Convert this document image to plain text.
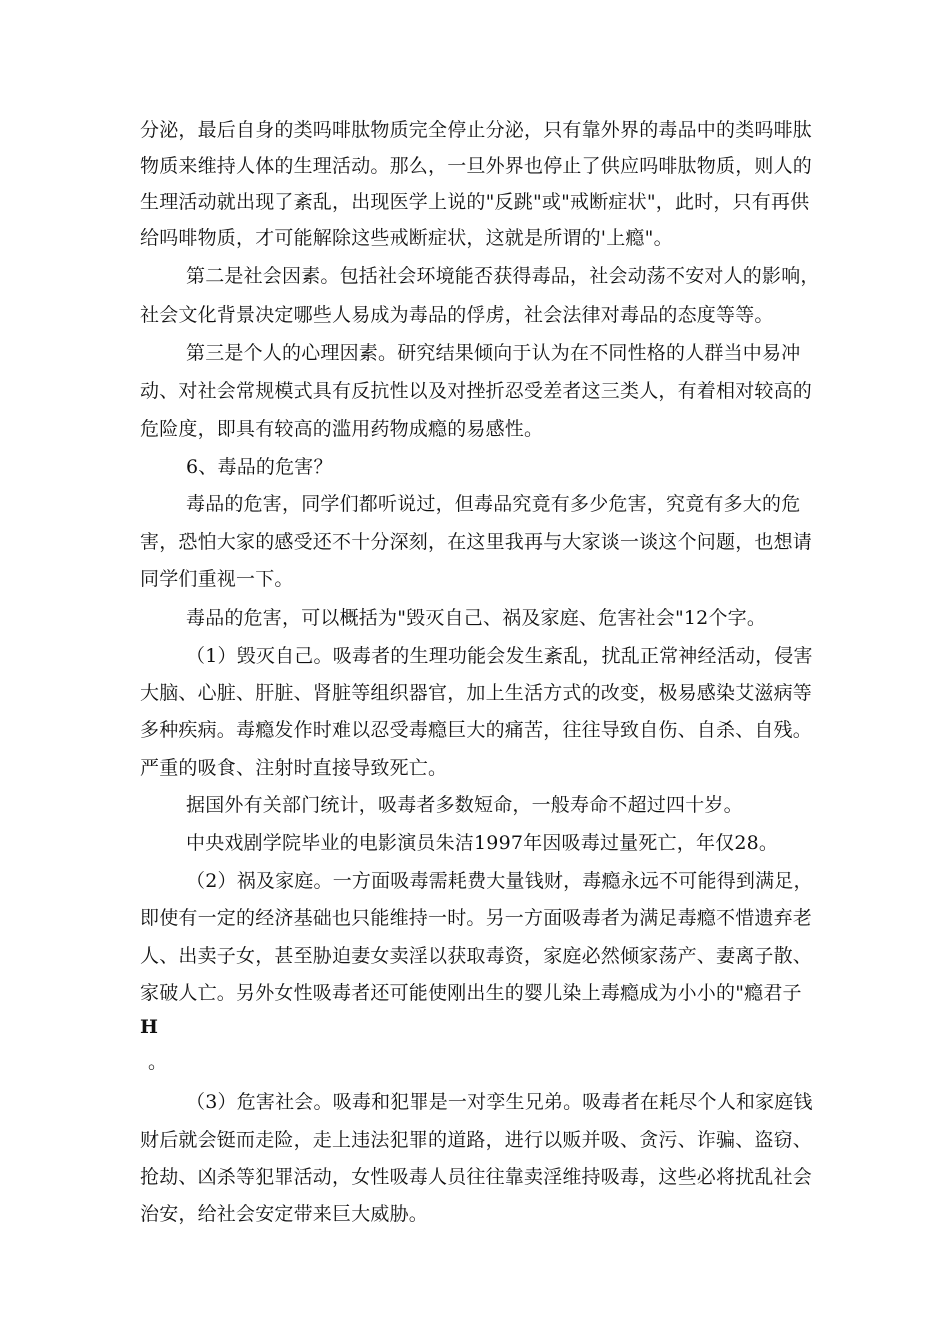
分泌，最后自身的类吗啡肽物质完全停止分泌，只有靠外界的毒品中的类吗啡肽
物质来维持人体的生理活动。那么，一旦外界也停止了供应吗啡肽物质，则人的
生理活动就出现了紊乱，出现医学上说的"反跳"或"戒断症状"，此时，只有再供
给吗啡物质，才可能解除这些戒断症状，这就是所谓的'上瘾"。
第二是社会因素。包括社会环境能否获得毒品，社会动荡不安对人的影响，
社会文化背景决定哪些人易成为毒品的俘虏，社会法律对毒品的态度等等。
第三是个人的心理因素。研究结果倾向于认为在不同性格的人群当中易冲
动、对社会常规模式具有反抗性以及对挫折忍受差者这三类人，有着相对较高的
危险度，即具有较高的滥用药物成瘾的易感性。
6、毒品的危害？
毒品的危害，同学们都听说过，但毒品究竟有多少危害，究竟有多大的危
害，恐怕大家的感受还不十分深刻，在这里我再与大家谈一谈这个问题，也想请
同学们重视一下。
毒品的危害，可以概括为"毁灭自己、祸及家庭、危害社会"12个字。
（1）毁灭自己。吸毒者的生理功能会发生紊乱，扰乱正常神经活动，侵害
大脑、心脏、肝脏、肾脏等组织器官，加上生活方式的改变，极易感染艾滋病等
多种疾病。毒瘾发作时难以忍受毒瘾巨大的痛苦，往往导致自伤、自杀、自残。
严重的吸食、注射时直接导致死亡。
据国外有关部门统计，吸毒者多数短命，一般寿命不超过四十岁。
中央戏剧学院毕业的电影演员朱洁1997年因吸毒过量死亡，年仅28。
（2）祸及家庭。一方面吸毒需耗费大量钱财，毒瘾永远不可能得到满足，
即使有一定的经济基础也只能维持一时。另一方面吸毒者为满足毒瘾不惜遗弃老
人、出卖子女，甚至胁迫妻女卖淫以获取毒资，家庭必然倾家荡产、妻离子散、
家破人亡。另外女性吸毒者还可能使刚出生的婴儿染上毒瘾成为小小的"瘾君子
H
。
（3）危害社会。吸毒和犯罪是一对孪生兄弟。吸毒者在耗尽个人和家庭钱
财后就会铤而走险，走上违法犯罪的道路，进行以贩并吸、贪污、诈骗、盗窃、
抢劫、凶杀等犯罪活动，女性吸毒人员往往靠卖淫维持吸毒，这些必将扰乱社会
治安，给社会安定带来巨大威胁。
